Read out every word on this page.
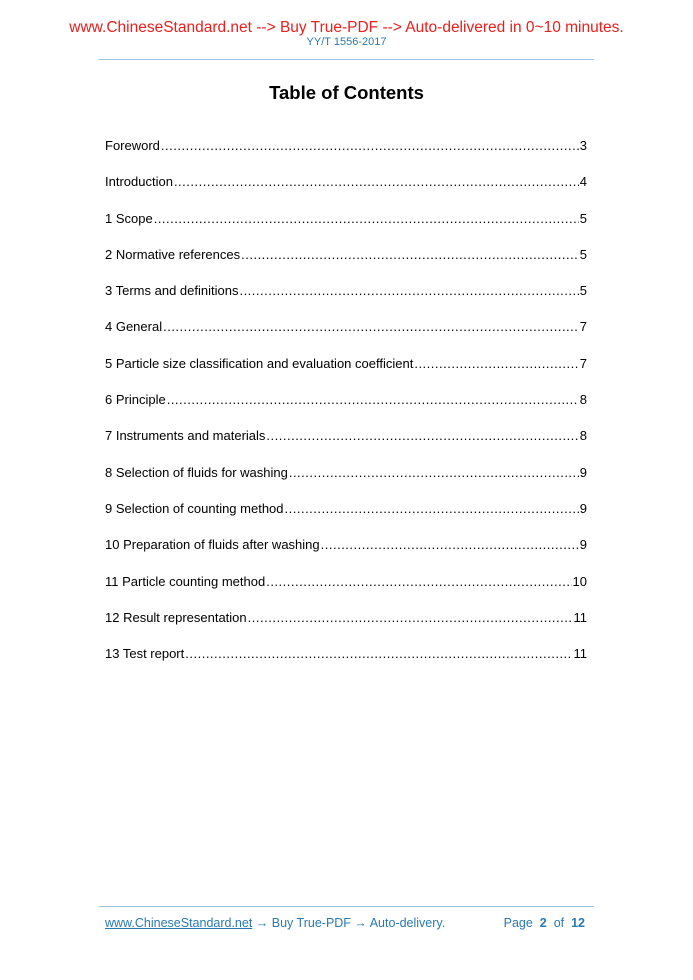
www.ChineseStandard.net --> Buy True-PDF --> Auto-delivered in 0~10 minutes.
YY/T 1556-2017
Table of Contents
Foreword .....	3
Introduction .....	4
1 Scope .....	5
2 Normative references .....	5
3 Terms and definitions .....	5
4 General .....	7
5 Particle size classification and evaluation coefficient .....	7
6 Principle .....	8
7 Instruments and materials .....	8
8 Selection of fluids for washing .....	9
9 Selection of counting method .....	9
10 Preparation of fluids after washing .....	9
11 Particle counting method .....	10
12 Result representation .....	11
13 Test report .....	11
www.ChineseStandard.net → Buy True-PDF → Auto-delivery.	Page 2 of 12
